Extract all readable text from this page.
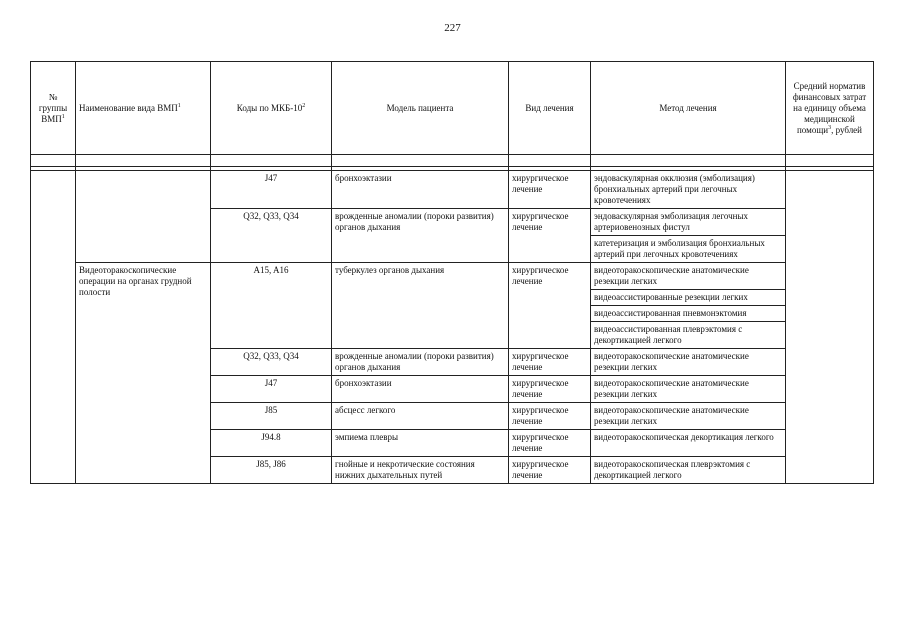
227
№ группы ВМП$^1$	Наименование вида ВМП$^1$	Коды по МКБ-$10^2$	Модель пациента	Вид лечения	Метод лечения	Средний норматив финансовых затрат на единицу объема медицинской помощи$^3$, рублей

		J47	бронхоэктазии	хирургическое лечение	эндоваскулярная окклюзия (эмболизация) бронхиальных артерий при легочных кровотечениях	
		Q32, Q33, Q34	врожденные аномалии (пороки развития) органов дыхания	хирургическое лечение	эндоваскулярная эмболизация легочных артериовенозных фистул	
					катетеризация и эмболизация бронхиальных артерий при легочных кровотечениях	
	Видеоторакоскопические операции на органах грудной полости	A15, A16	туберкулез органов дыхания	хирургическое лечение	видеоторакоскопические анатомические резекции легких	
					видеоассистированные резекции легких	
					видеоассистированная пневмонэктомия	
					видеоассистированная плеврэктомия с декортикацией легкого	
		Q32, Q33, Q34	врожденные аномалии (пороки развития) органов дыхания	хирургическое лечение	видеоторакоскопические анатомические резекции легких	
		J47	бронхоэктазии	хирургическое лечение	видеоторакоскопические анатомические резекции легких	
		J85	абсцесс легкого	хирургическое лечение	видеоторакоскопические анатомические резекции легких	
		J94.8	эмпиема плевры	хирургическое лечение	видеоторакоскопическая декортикация легкого	
		J85, J86	гнойные и некротические состояния нижних дыхательных путей	хирургическое лечение	видеоторакоскопическая плеврэктомия с декортикацией легкого	
